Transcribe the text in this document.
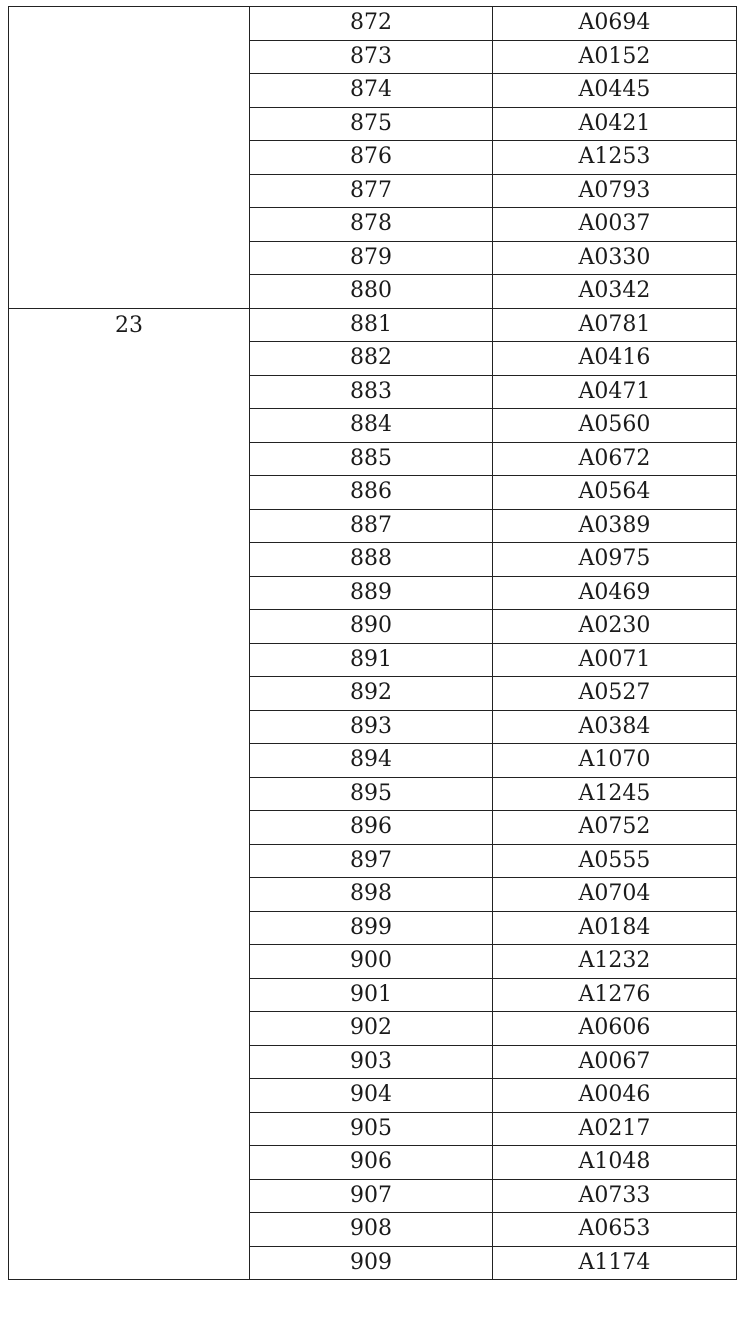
	872	A0694
	873	A0152
	874	A0445
	875	A0421
	876	A1253
	877	A0793
	878	A0037
	879	A0330
	880	A0342

23	881	A0781
	882	A0416
	883	A0471
	884	A0560
	885	A0672
	886	A0564
	887	A0389
	888	A0975
	889	A0469
	890	A0230
	891	A0071
	892	A0527
	893	A0384
	894	A1070
	895	A1245
	896	A0752
	897	A0555
	898	A0704
	899	A0184
	900	A1232
	901	A1276
	902	A0606
	903	A0067
	904	A0046
	905	A0217
	906	A1048
	907	A0733
	908	A0653
	909	A1174
